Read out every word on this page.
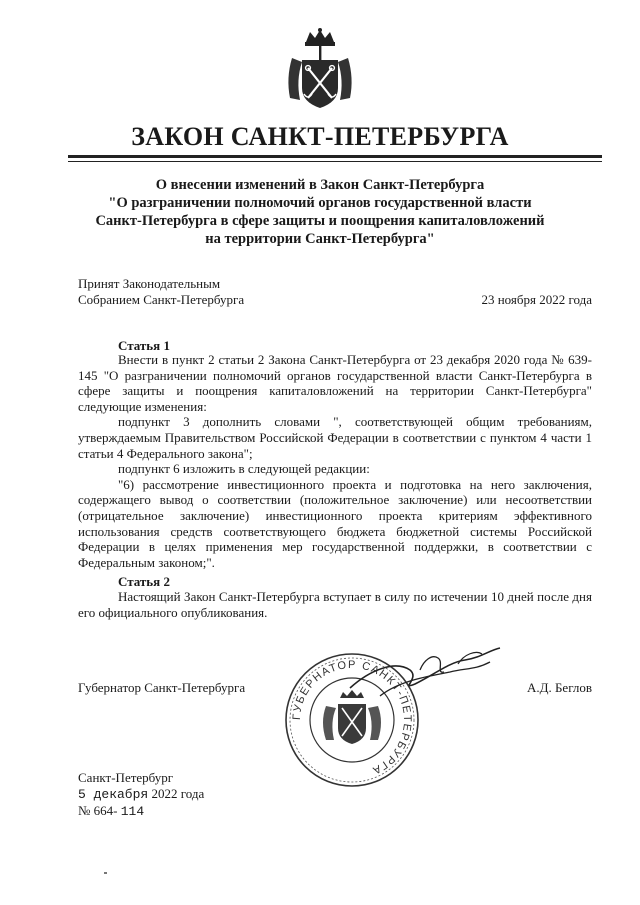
ЗАКОН САНКТ-ПЕТЕРБУРГА
О внесении изменений в Закон Санкт-Петербурга
"О разграничении полномочий органов государственной власти
Санкт-Петербурга в сфере защиты и поощрения капиталовложений
на территории Санкт-Петербурга"
Принят Законодательным
Собранием Санкт-Петербурга	23 ноября 2022 года
Статья 1

Внести в пункт 2 статьи 2 Закона Санкт-Петербурга от 23 декабря 2020 года № 639-145 "О разграничении полномочий органов государственной власти Санкт-Петербурга в сфере защиты и поощрения капиталовложений на территории Санкт-Петербурга" следующие изменения:

подпункт 3 дополнить словами ", соответствующей общим требованиям, утверждаемым Правительством Российской Федерации в соответствии с пунктом 4 части 1 статьи 4 Федерального закона";

подпункт 6 изложить в следующей редакции:

"6) рассмотрение инвестиционного проекта и подготовка на него заключения, содержащего вывод о соответствии (положительное заключение) или несоответствии (отрицательное заключение) инвестиционного проекта критериям эффективного использования средств соответствующего бюджета бюджетной системы Российской Федерации в целях применения мер государственной поддержки, в соответствии с Федеральным законом;".

Статья 2

Настоящий Закон Санкт-Петербурга вступает в силу по истечении 10 дней после дня его официального опубликования.

Губернатор Санкт-Петербурга
ГУБЕРНАТОР САНКТ-ПЕТЕРБУРГА
А.Д. Беглов
Санкт-Петербург
5 декабря 2022 года
№ 664- 114
